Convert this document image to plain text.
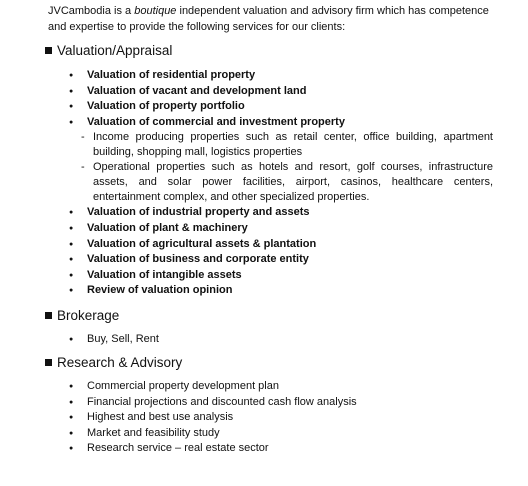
JVCambodia is a boutique independent valuation and advisory firm which has competence and expertise to provide the following services for our clients:
Valuation/Appraisal
● Valuation of residential property
● Valuation of vacant and development land
● Valuation of property portfolio
● Valuation of commercial and investment property
- Income producing properties such as retail center, office building, apartment building, shopping mall, logistics properties
- Operational properties such as hotels and resort, golf courses, infrastructure assets, and solar power facilities, airport, casinos, healthcare centers, entertainment complex, and other specialized properties.
● Valuation of industrial property and assets
● Valuation of plant & machinery
● Valuation of agricultural assets & plantation
● Valuation of business and corporate entity
● Valuation of intangible assets
● Review of valuation opinion
Brokerage
● Buy, Sell, Rent
Research & Advisory
● Commercial property development plan
● Financial projections and discounted cash flow analysis
● Highest and best use analysis
● Market and feasibility study
● Research service – real estate sector
